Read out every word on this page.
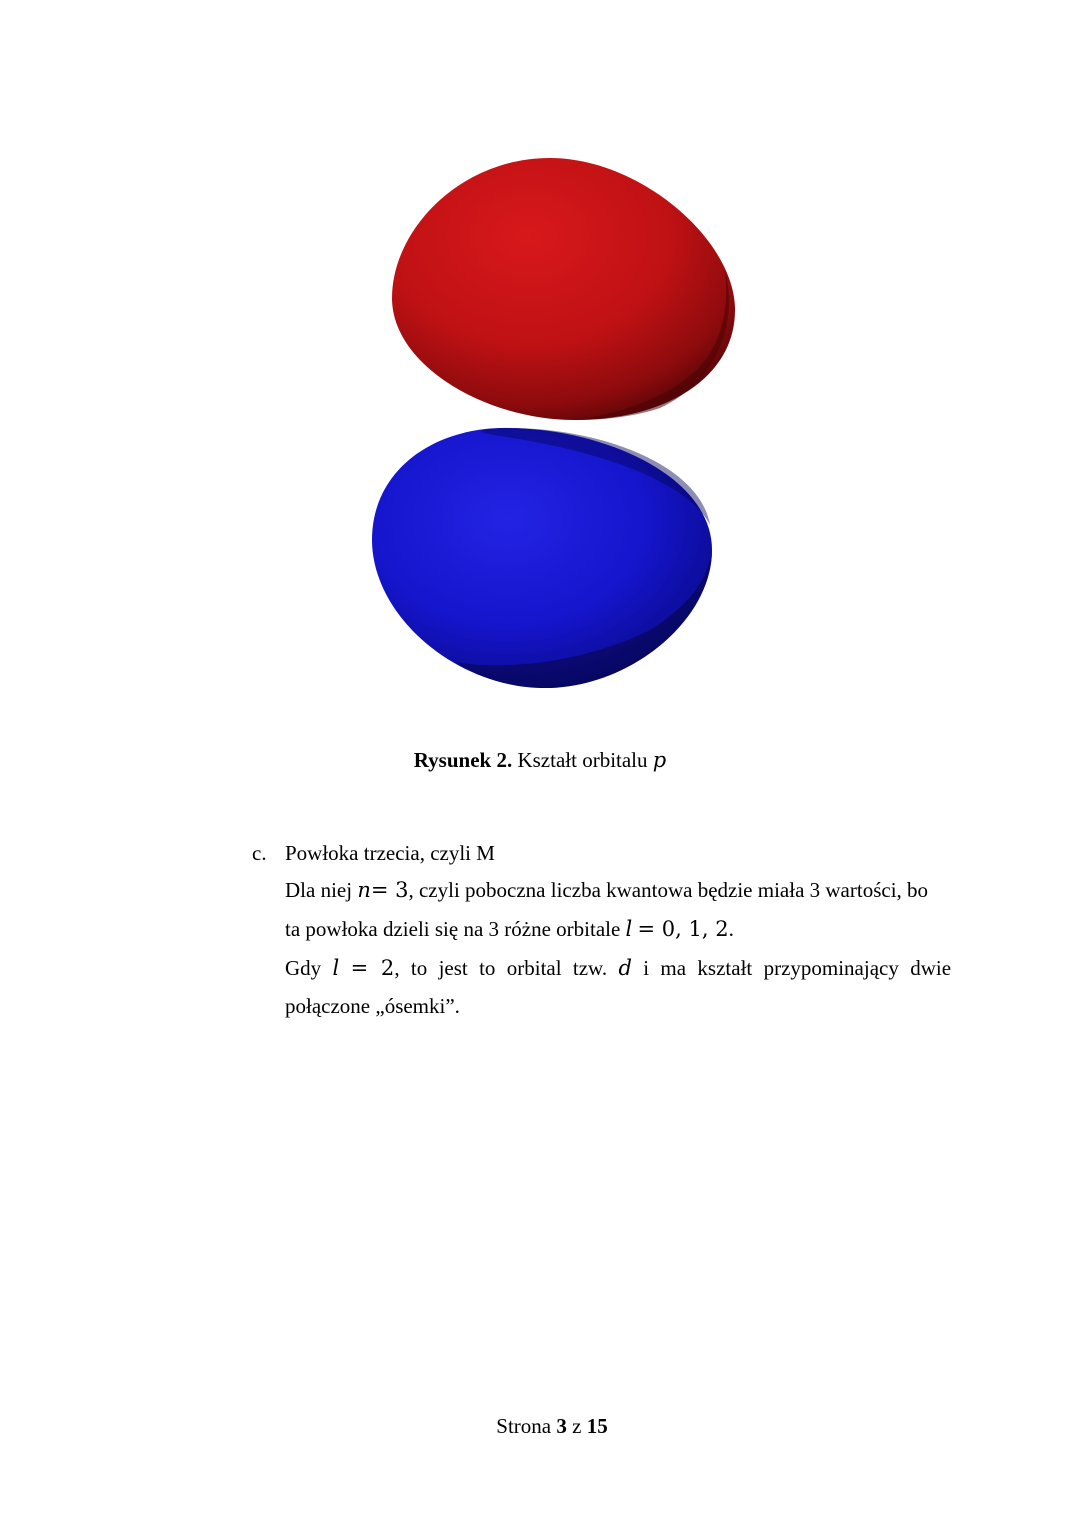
Rysunek 2. Kształt orbitalu p
c. Powłoka trzecia, czyli M
Dla niej n= 3, czyli poboczna liczba kwantowa będzie miała 3 wartości, bo
ta powłoka dzieli się na 3 różne orbitale l = 0, 1, 2.
Gdy l = 2, to jest to orbital tzw. d i ma kształt przypominający dwie
połączone „ósemki”.
Strona 3 z 15
